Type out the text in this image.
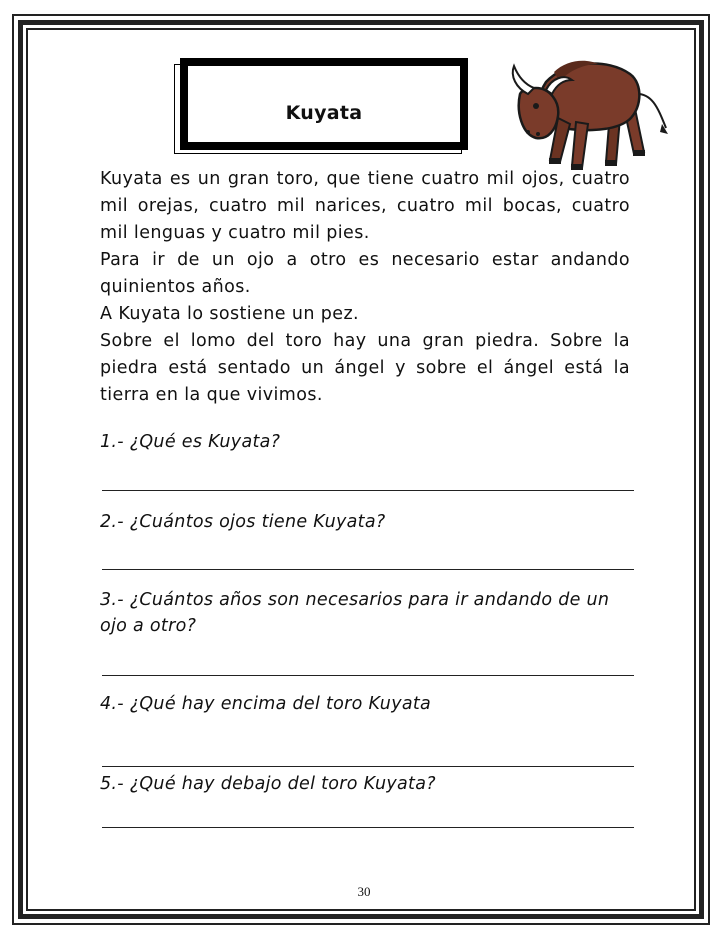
Kuyata

Kuyata es un gran toro, que tiene cuatro mil ojos, cuatro mil orejas, cuatro mil narices, cuatro mil bocas, cuatro mil lenguas y cuatro mil pies.

Para ir de un ojo a otro es necesario estar andando quinientos años.

A Kuyata lo sostiene un pez.

Sobre el lomo del toro hay una gran piedra. Sobre la piedra está sentado un ángel y sobre el ángel está la tierra en la que vivimos.

1.- ¿Qué es Kuyata?
2.- ¿Cuántos ojos tiene Kuyata?
3.- ¿Cuántos años son necesarios para ir andando de un ojo a otro?
4.- ¿Qué hay encima del toro Kuyata
5.- ¿Qué hay debajo del toro Kuyata?
30
